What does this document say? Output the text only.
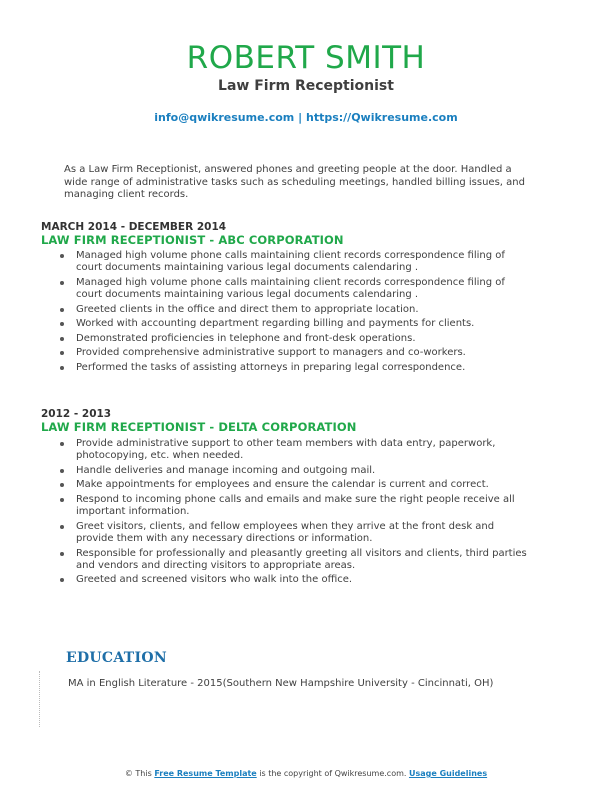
ROBERT SMITH
Law Firm Receptionist
info@qwikresume.com | https://Qwikresume.com
As a Law Firm Receptionist, answered phones and greeting people at the door. Handled a wide range of administrative tasks such as scheduling meetings, handled billing issues, and managing client records.
MARCH 2014 - DECEMBER 2014
LAW FIRM RECEPTIONIST - ABC CORPORATION
Managed high volume phone calls maintaining client records correspondence filing of court documents maintaining various legal documents calendaring .
Managed high volume phone calls maintaining client records correspondence filing of court documents maintaining various legal documents calendaring .
Greeted clients in the office and direct them to appropriate location.
Worked with accounting department regarding billing and payments for clients.
Demonstrated proficiencies in telephone and front-desk operations.
Provided comprehensive administrative support to managers and co-workers.
Performed the tasks of assisting attorneys in preparing legal correspondence.
2012 - 2013
LAW FIRM RECEPTIONIST - DELTA CORPORATION
Provide administrative support to other team members with data entry, paperwork, photocopying, etc. when needed.
Handle deliveries and manage incoming and outgoing mail.
Make appointments for employees and ensure the calendar is current and correct.
Respond to incoming phone calls and emails and make sure the right people receive all important information.
Greet visitors, clients, and fellow employees when they arrive at the front desk and provide them with any necessary directions or information.
Responsible for professionally and pleasantly greeting all visitors and clients, third parties and vendors and directing visitors to appropriate areas.
Greeted and screened visitors who walk into the office.
EDUCATION
MA in English Literature - 2015(Southern New Hampshire University - Cincinnati, OH)
© This Free Resume Template is the copyright of Qwikresume.com. Usage Guidelines
